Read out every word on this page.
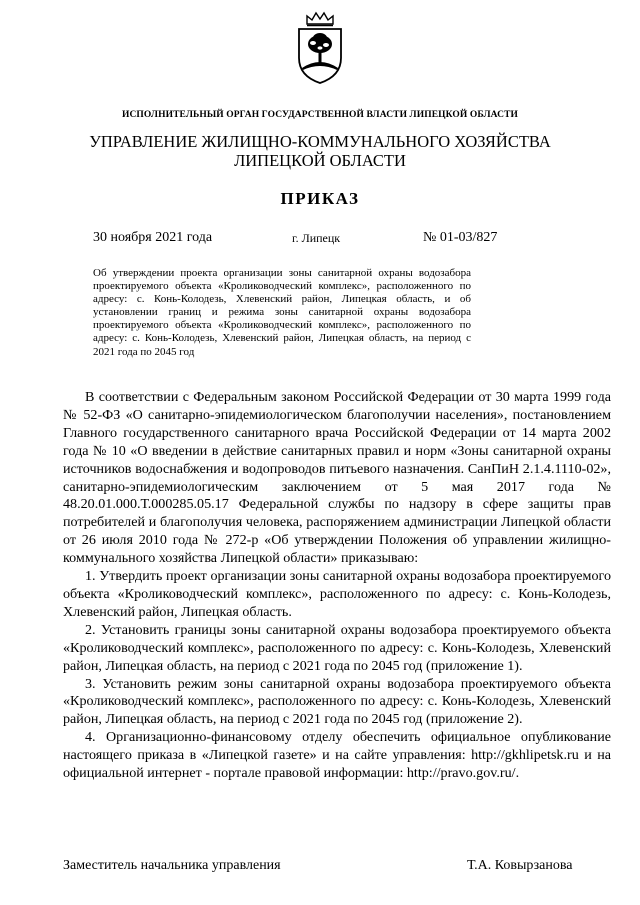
ИСПОЛНИТЕЛЬНЫЙ ОРГАН ГОСУДАРСТВЕННОЙ ВЛАСТИ ЛИПЕЦКОЙ ОБЛАСТИ
УПРАВЛЕНИЕ ЖИЛИЩНО-КОММУНАЛЬНОГО ХОЗЯЙСТВА
ЛИПЕЦКОЙ ОБЛАСТИ
ПРИКАЗ
30 ноября 2021 года	г. Липецк	№ 01-03/827
Об утверждении проекта организации зоны санитарной охраны водозабора проектируемого объекта «Кролиководческий комплекс», расположенного по адресу: с. Конь-Колодезь, Хлевенский район, Липецкая область, и об установлении границ и режима зоны санитарной охраны водозабора проектируемого объекта «Кролиководческий комплекс», расположенного по адресу: с. Конь-Колодезь, Хлевенский район, Липецкая область, на период с 2021 года по 2045 год

В соответствии с Федеральным законом Российской Федерации от 30 марта 1999 года № 52-ФЗ «О санитарно-эпидемиологическом благополучии населения», постановлением Главного государственного санитарного врача Российской Федерации от 14 марта 2002 года № 10 «О введении в действие санитарных правил и норм «Зоны санитарной охраны источников водоснабжения и водопроводов питьевого назначения. СанПиН 2.1.4.1110-02», санитарно-эпидемиологическим заключением от 5 мая 2017 года № 48.20.01.000.Т.000285.05.17 Федеральной службы по надзору в сфере защиты прав потребителей и благополучия человека, распоряжением администрации Липецкой области от 26 июля 2010 года № 272-р «Об утверждении Положения об управлении жилищно-коммунального хозяйства Липецкой области» приказываю:

1. Утвердить проект организации зоны санитарной охраны водозабора проектируемого объекта «Кролиководческий комплекс», расположенного по адресу: с. Конь-Колодезь, Хлевенский район, Липецкая область.

2. Установить границы зоны санитарной охраны водозабора проектируемого объекта «Кролиководческий комплекс», расположенного по адресу: с. Конь-Колодезь, Хлевенский район, Липецкая область, на период с 2021 года по 2045 год (приложение 1).

3. Установить режим зоны санитарной охраны водозабора проектируемого объекта «Кролиководческий комплекс», расположенного по адресу: с. Конь-Колодезь, Хлевенский район, Липецкая область, на период с 2021 года по 2045 год (приложение 2).

4. Организационно-финансовому отделу обеспечить официальное опубликование настоящего приказа в «Липецкой газете» и на сайте управления: http://gkhlipetsk.ru и на официальной интернет - портале правовой информации: http://pravo.gov.ru/.

Заместитель начальника управления	Т.А. Ковырзанова
